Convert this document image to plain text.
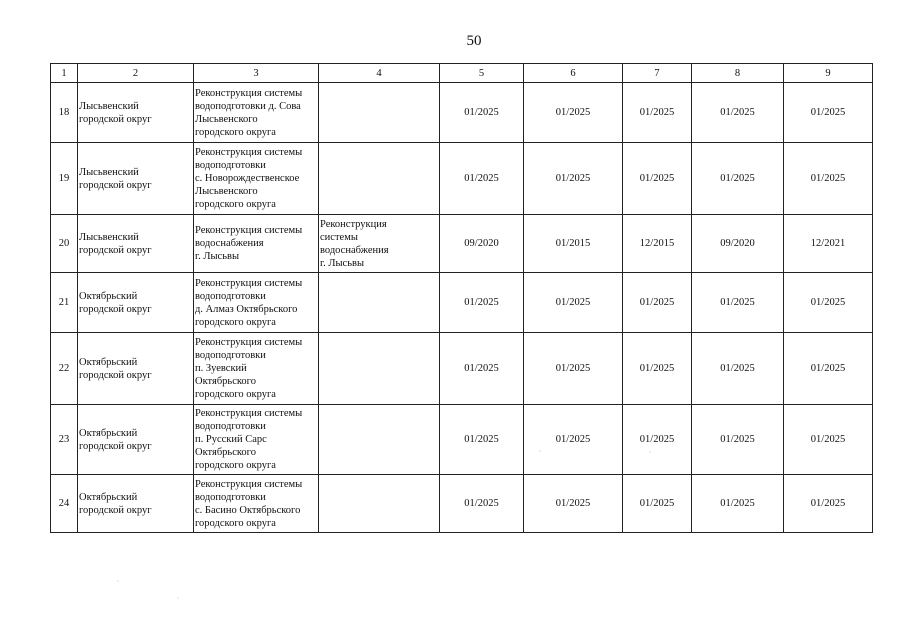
50
1	2	3	4	5	6	7	8	9
18	Лысьвенский
городской округ	Реконструкция системы
водоподготовки д. Сова
Лысьвенского
городского округа		01/2025	01/2025	01/2025	01/2025	01/2025
19	Лысьвенский
городской округ	Реконструкция системы
водоподготовки
с. Новорождественское
Лысьвенского
городского округа		01/2025	01/2025	01/2025	01/2025	01/2025
20	Лысьвенский
городской округ	Реконструкция системы
водоснабжения
г. Лысьвы	Реконструкция
системы
водоснабжения
г. Лысьвы	09/2020	01/2015	12/2015	09/2020	12/2021
21	Октябрьский
городской округ	Реконструкция системы
водоподготовки
д. Алмаз Октябрьского
городского округа		01/2025	01/2025	01/2025	01/2025	01/2025
22	Октябрьский
городской округ	Реконструкция системы
водоподготовки
п. Зуевский
Октябрьского
городского округа		01/2025	01/2025	01/2025	01/2025	01/2025
23	Октябрьский
городской округ	Реконструкция системы
водоподготовки
п. Русский Сарс
Октябрьского
городского округа		01/2025	01/2025	01/2025	01/2025	01/2025
24	Октябрьский
городской округ	Реконструкция системы
водоподготовки
с. Басино Октябрьского
городского округа		01/2025	01/2025	01/2025	01/2025	01/2025
